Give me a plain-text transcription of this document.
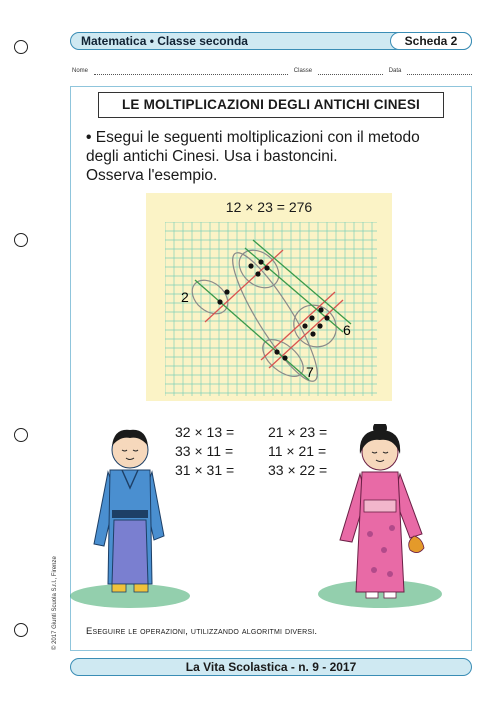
Matematica • Classe seconda	Scheda 2
Nome	Classe	Data
LE MOLTIPLICAZIONI DEGLI ANTICHI CINESI
• Esegui le seguenti moltiplicazioni con il metodo
degli antichi Cinesi. Usa i bastoncini.
Osserva l'esempio.
12 × 23 = 276
2
6
7
32 × 13 =	21 × 23 =
33 × 11 =	11 × 21 =
31 × 31 =	33 × 22 =
Eseguire le operazioni, utilizzando algoritmi diversi.
© 2017 Giunti Scuola S.r.l., Firenze
La Vita Scolastica - n. 9 - 2017
